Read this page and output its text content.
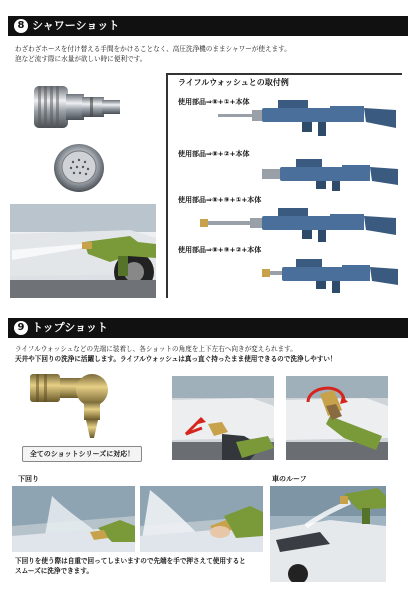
8 シャワーショット
わざわざホースを付け替える手間をかけることなく、高圧洗浄機のままシャワーが使えます。
泡など流す際に水量が欲しい時に便利です。
ライフルウォッシュとの取付例
使用部品⇒⑧+①+本体
使用部品⇒⑧+②+本体
使用部品⇒⑧+⑨+①+本体
使用部品⇒⑧+⑨+②+本体
9 トップショット
ライフルウォッシュなどの先端に装着し、各ショットの角度を上下左右へ向きが変えられます。
天井や下回りの洗浄に活躍します。ライフルウォッシュは真っ直ぐ持ったまま使用できるので洗浄しやすい！
全てのショットシリーズに対応！
下回り
下回りを使う際は自重で回ってしまいますので先端を手で押さえて使用すると
スムーズに洗浄できます。
車のルーフ
